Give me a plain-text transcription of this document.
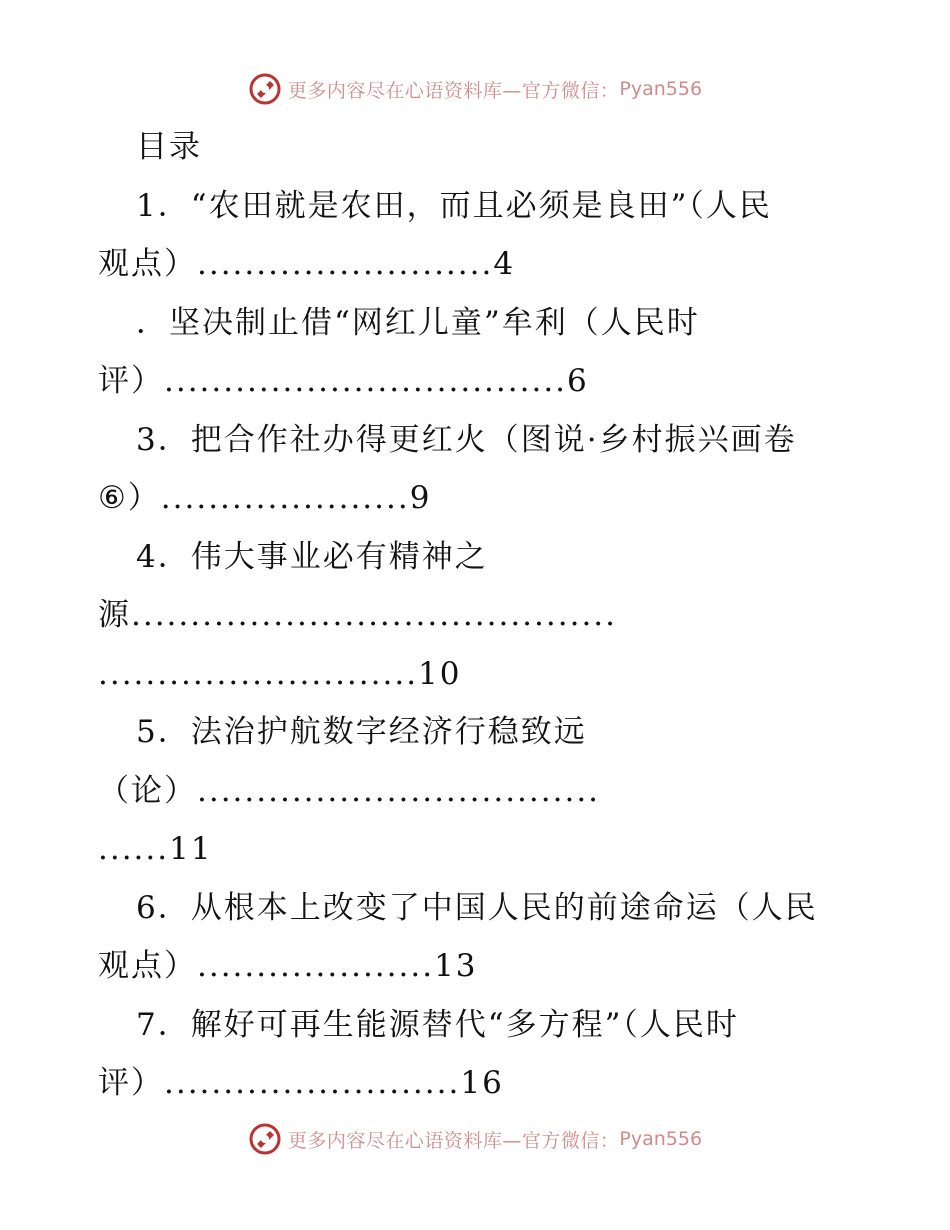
更多内容尽在心语资料库—官方微信： Pyan556
目录
1．“农田就是农田，而且必须是良田”（人民
观点）.........................4
．坚决制止借“网红儿童”牟利（人民时
评）..................................6
3．把合作社办得更红火（图说·乡村振兴画卷
⑥）.....................9
4．伟大事业必有精神之
源.........................................
...........................10
5．法治护航数字经济行稳致远
（论）..................................
......11
6．从根本上改变了中国人民的前途命运（人民
观点）....................13
7．解好可再生能源替代“多方程”（人民时
评）.........................16
更多内容尽在心语资料库—官方微信： Pyan556
